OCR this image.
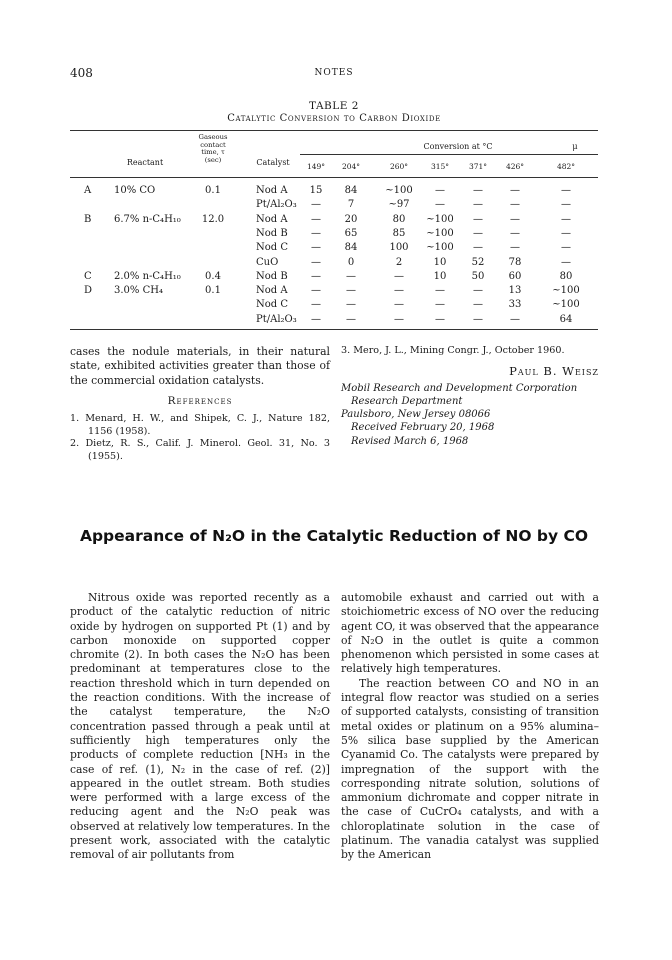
408	NOTES
TABLE 2
Catalytic Conversion to Carbon Dioxide
Reactant
Gaseous contact time, τ (sec)	Catalyst
Conversion at °C	μ
149°	204°	260°	315°	371°	426°	482°
A	10% CO	0.1	Nod A	15	84	~100	—	—	—	—
Pt/Al₂O₃	—	7	~97	—	—	—	—
B	6.7% n-C₄H₁₀	12.0	Nod A	—	20	80	~100	—	—	—
Nod B	—	65	85	~100	—	—	—
Nod C	—	84	100	~100	—	—	—
CuO	—	0	2	10	52	78	—
C	2.0% n-C₄H₁₀	0.4	Nod B	—	—	—	10	50	60	80
D	3.0% CH₄	0.1	Nod A	—	—	—	—	—	13	~100
Nod C	—	—	—	—	—	33	~100
Pt/Al₂O₃	—	—	—	—	—	—	64

cases the nodule materials, in their natural state, exhibited activities greater than those of the commercial oxidation catalysts.

References
1. Menard, H. W., and Shipek, C. J., Nature 182, 1156 (1958).
2. Dietz, R. S., Calif. J. Minerol. Geol. 31, No. 3 (1955).
3. Mero, J. L., Mining Congr. J., October 1960.
Paul B. Weisz
Mobil Research and Development Corporation
Research Department
Paulsboro, New Jersey 08066
Received February 20, 1968
Revised March 6, 1968
Appearance of N₂O in the Catalytic Reduction of NO by CO

Nitrous oxide was reported recently as a product of the catalytic reduction of nitric oxide by hydrogen on supported Pt (1) and by carbon monoxide on supported copper chromite (2). In both cases the N₂O has been predominant at temperatures close to the reaction threshold which in turn depended on the reaction conditions. With the increase of the catalyst temperature, the N₂O concentration passed through a peak until at sufficiently high temperatures only the products of complete reduction [NH₃ in the case of ref. (1), N₂ in the case of ref. (2)] appeared in the outlet stream. Both studies were performed with a large excess of the reducing agent and the N₂O peak was observed at relatively low temperatures. In the present work, associated with the catalytic removal of air pollutants from

automobile exhaust and carried out with a stoichiometric excess of NO over the reducing agent CO, it was observed that the appearance of N₂O in the outlet is quite a common phenomenon which persisted in some cases at relatively high temperatures.

The reaction between CO and NO in an integral flow reactor was studied on a series of supported catalysts, consisting of transition metal oxides or platinum on a 95% alumina–5% silica base supplied by the American Cyanamid Co. The catalysts were prepared by impregnation of the support with the corresponding nitrate solution, solutions of ammonium dichromate and copper nitrate in the case of CuCrO₄ catalysts, and with a chloroplatinate solution in the case of platinum. The vanadia catalyst was supplied by the American
